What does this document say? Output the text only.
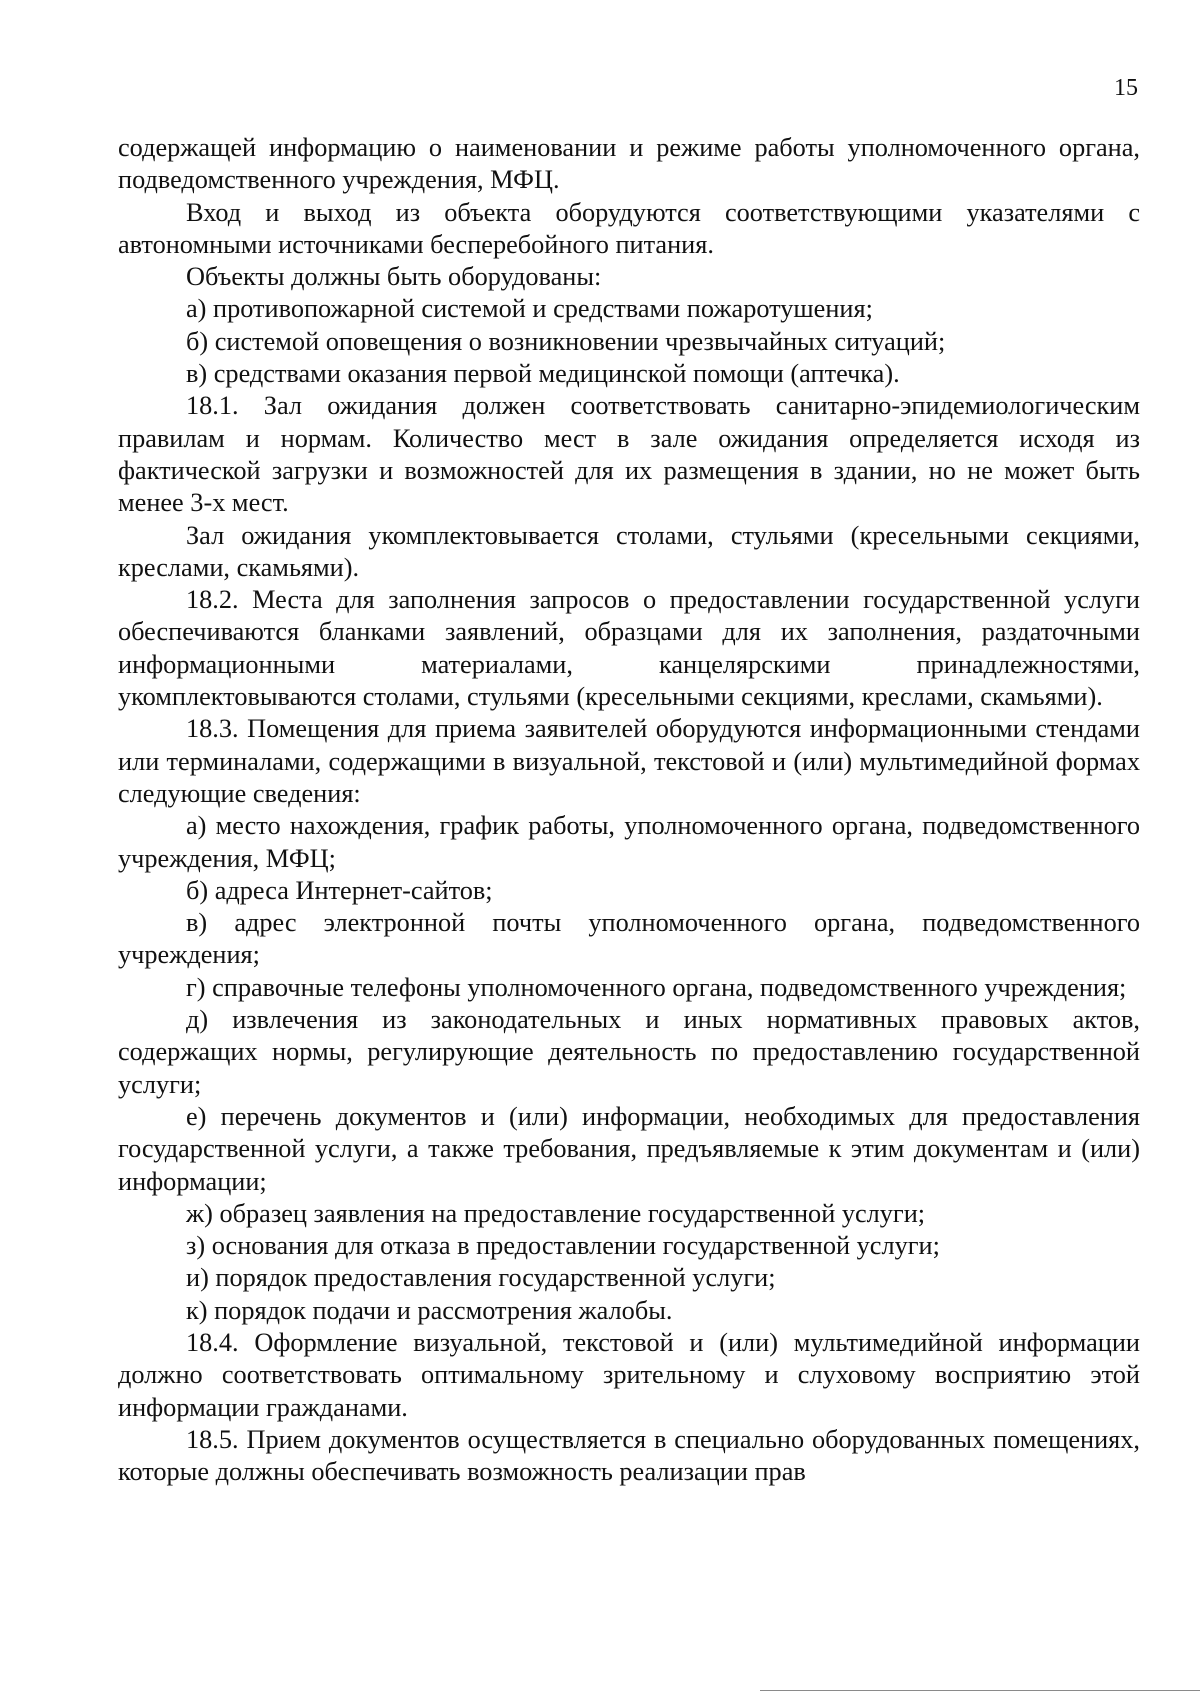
15

содержащей информацию о наименовании и режиме работы уполномоченного органа, подведомственного учреждения, МФЦ.

Вход и выход из объекта оборудуются соответствующими указателями с автономными источниками бесперебойного питания.

Объекты должны быть оборудованы:

а) противопожарной системой и средствами пожаротушения;

б) системой оповещения о возникновении чрезвычайных ситуаций;

в) средствами оказания первой медицинской помощи (аптечка).

18.1. Зал ожидания должен соответствовать санитарно-эпидемиологическим правилам и нормам. Количество мест в зале ожидания определяется исходя из фактической загрузки и возможностей для их размещения в здании, но не может быть менее 3-х мест.

Зал ожидания укомплектовывается столами, стульями (кресельными секциями, креслами, скамьями).

18.2. Места для заполнения запросов о предоставлении государственной услуги обеспечиваются бланками заявлений, образцами для их заполнения, раздаточными информационными материалами, канцелярскими принадлежностями, укомплектовываются столами, стульями (кресельными секциями, креслами, скамьями).

18.3. Помещения для приема заявителей оборудуются информационными стендами или терминалами, содержащими в визуальной, текстовой и (или) мультимедийной формах следующие сведения:

а) место нахождения, график работы, уполномоченного органа, подведомственного учреждения, МФЦ;

б) адреса Интернет-сайтов;

в) адрес электронной почты уполномоченного органа, подведомственного учреждения;

г) справочные телефоны уполномоченного органа, подведомственного учреждения;

д) извлечения из законодательных и иных нормативных правовых актов, содержащих нормы, регулирующие деятельность по предоставлению государственной услуги;

е) перечень документов и (или) информации, необходимых для предоставления государственной услуги, а также требования, предъявляемые к этим документам и (или) информации;

ж) образец заявления на предоставление государственной услуги;

з) основания для отказа в предоставлении государственной услуги;

и) порядок предоставления государственной услуги;

к) порядок подачи и рассмотрения жалобы.

18.4. Оформление визуальной, текстовой и (или) мультимедийной информации должно соответствовать оптимальному зрительному и слуховому восприятию этой информации гражданами.

18.5. Прием документов осуществляется в специально оборудованных помещениях, которые должны обеспечивать возможность реализации прав
